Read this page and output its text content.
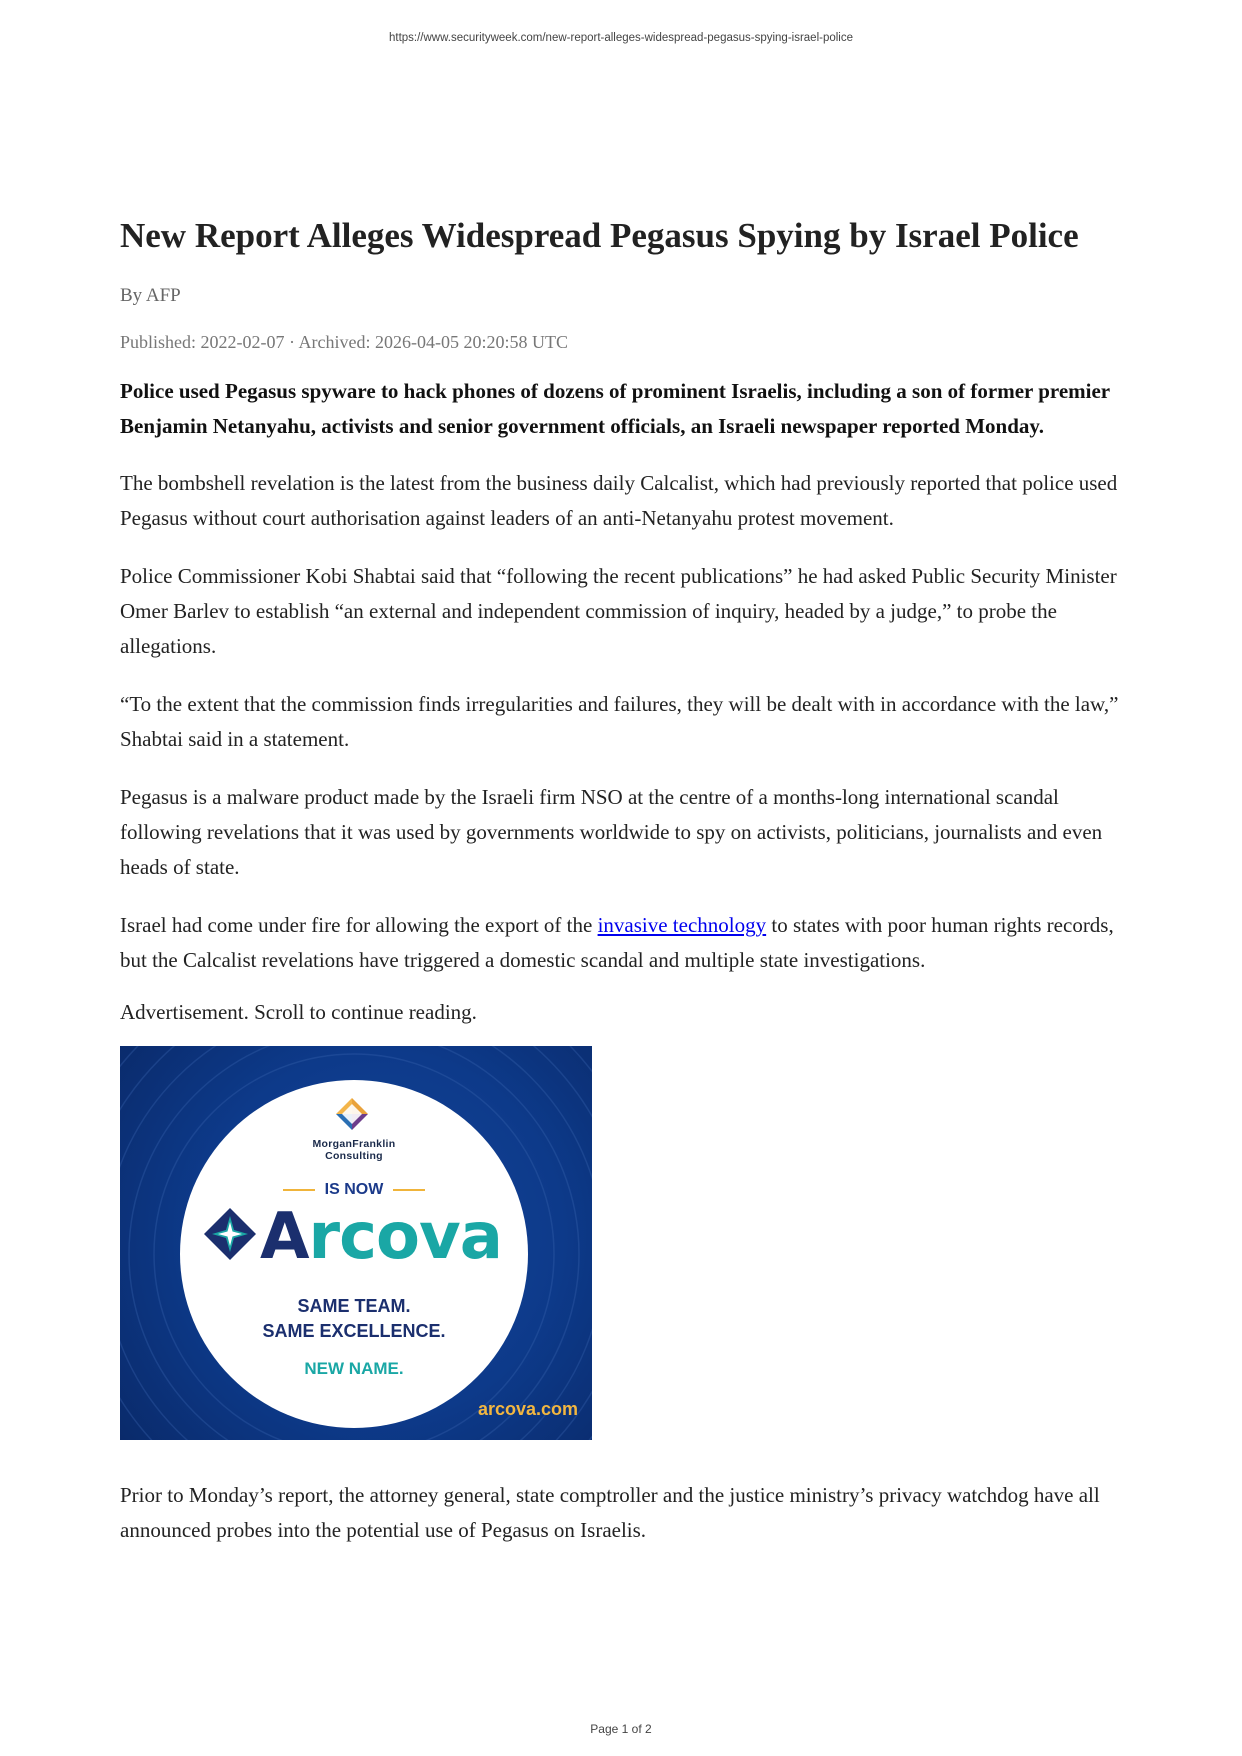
https://www.securityweek.com/new-report-alleges-widespread-pegasus-spying-israel-police
New Report Alleges Widespread Pegasus Spying by Israel Police
By AFP
Published: 2022-02-07 · Archived: 2026-04-05 20:20:58 UTC
Police used Pegasus spyware to hack phones of dozens of prominent Israelis, including a son of former premier Benjamin Netanyahu, activists and senior government officials, an Israeli newspaper reported Monday.

The bombshell revelation is the latest from the business daily Calcalist, which had previously reported that police used Pegasus without court authorisation against leaders of an anti-Netanyahu protest movement.

Police Commissioner Kobi Shabtai said that “following the recent publications” he had asked Public Security Minister Omer Barlev to establish “an external and independent commission of inquiry, headed by a judge,” to probe the allegations.

“To the extent that the commission finds irregularities and failures, they will be dealt with in accordance with the law,” Shabtai said in a statement.

Pegasus is a malware product made by the Israeli firm NSO at the centre of a months-long international scandal following revelations that it was used by governments worldwide to spy on activists, politicians, journalists and even heads of state.

Israel had come under fire for allowing the export of the invasive technology to states with poor human rights records, but the Calcalist revelations have triggered a domestic scandal and multiple state investigations.

Advertisement. Scroll to continue reading.
MorganFranklin
Consulting
IS NOW
Arcova
SAME TEAM.
SAME EXCELLENCE.
NEW NAME.
arcova.com

Prior to Monday’s report, the attorney general, state comptroller and the justice ministry’s privacy watchdog have all announced probes into the potential use of Pegasus on Israelis.

Page 1 of 2
